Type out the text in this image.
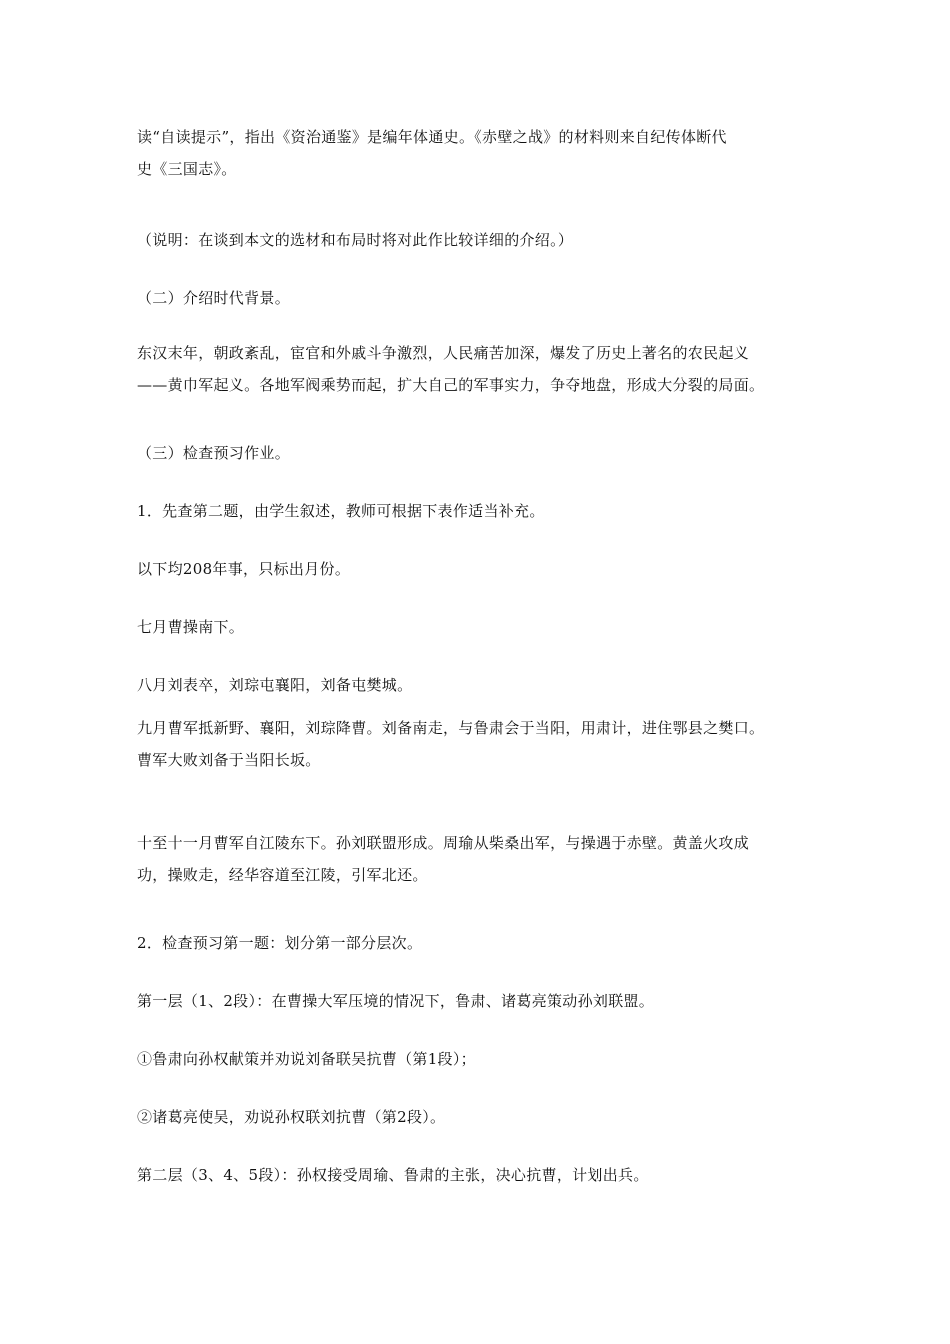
读“自读提示”，指出《资治通鉴》是编年体通史。《赤壁之战》的材料则来自纪传体断代
史《三国志》。
（说明：在谈到本文的选材和布局时将对此作比较详细的介绍。）
（二）介绍时代背景。
东汉末年，朝政紊乱，宦官和外戚斗争激烈，人民痛苦加深，爆发了历史上著名的农民起义
——黄巾军起义。各地军阀乘势而起，扩大自己的军事实力，争夺地盘，形成大分裂的局面。
（三）检查预习作业。
1．先查第二题，由学生叙述，教师可根据下表作适当补充。
以下均208年事，只标出月份。
七月曹操南下。
八月刘表卒，刘琮屯襄阳，刘备屯樊城。
九月曹军抵新野、襄阳，刘琮降曹。刘备南走，与鲁肃会于当阳，用肃计，进住鄂县之樊口。
曹军大败刘备于当阳长坂。
十至十一月曹军自江陵东下。孙刘联盟形成。周瑜从柴桑出军，与操遇于赤壁。黄盖火攻成
功，操败走，经华容道至江陵，引军北还。
2．检查预习第一题：划分第一部分层次。
第一层（1、2段）：在曹操大军压境的情况下，鲁肃、诸葛亮策动孙刘联盟。
①鲁肃向孙权献策并劝说刘备联吴抗曹（第1段）；
②诸葛亮使吴，劝说孙权联刘抗曹（第2段）。
第二层（3、4、5段）：孙权接受周瑜、鲁肃的主张，决心抗曹，计划出兵。
